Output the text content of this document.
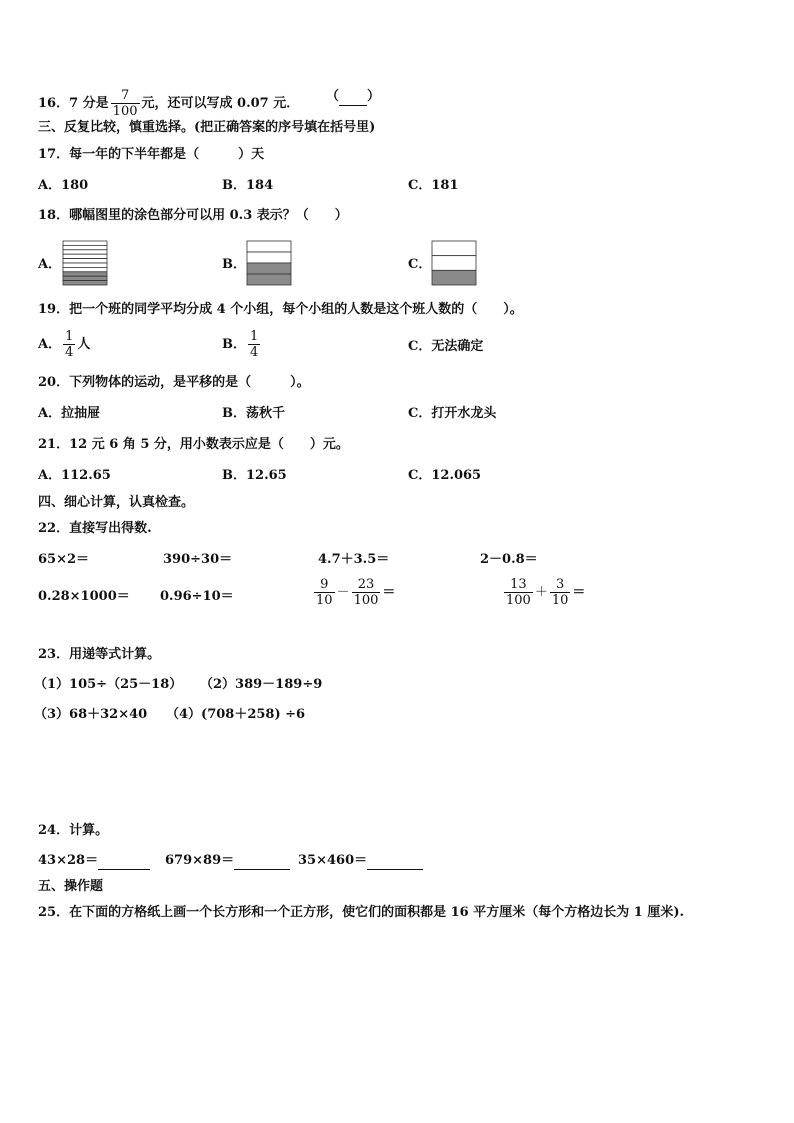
16．7 分是 $\frac{7}{100}$ 元，还可以写成 0.07 元． （ ）
三、反复比较，慎重选择。(把正确答案的序号填在括号里)
17．每一年的下半年都是（　　　）天
A．180	B．184	C．181
18．哪幅图里的涂色部分可以用 0.3 表示？（　　）
A．	B．	C．
19．把一个班的同学平均分成 4 个小组，每个小组的人数是这个班人数的（　　）。
A． $\frac{1}{4}$ 人	B． $\frac{1}{4}$	C．无法确定
20．下列物体的运动，是平移的是（　　　）。
A．拉抽屉	B．荡秋千	C．打开水龙头
21．12 元 6 角 5 分，用小数表示应是（　　）元。
A．112.65	B．12.65	C．12.065
四、细心计算，认真检查。
22．直接写出得数.
65×2＝	390÷30＝	4.7＋3.5＝	2－0.8＝
0.28×1000＝ 0.96÷10＝	$\frac{9}{10} - \frac{23}{100}$ ＝	$\frac{13}{100} + \frac{3}{10}$ ＝
23．用递等式计算。
（1）105÷（25－18） （2）389－189÷9
（3）68＋32×40 （4）(708＋258) ÷6
24．计算。
43×28＝	679×89＝	35×460＝
五、操作题
25．在下面的方格纸上画一个长方形和一个正方形，使它们的面积都是 16 平方厘米（每个方格边长为 1 厘米).
